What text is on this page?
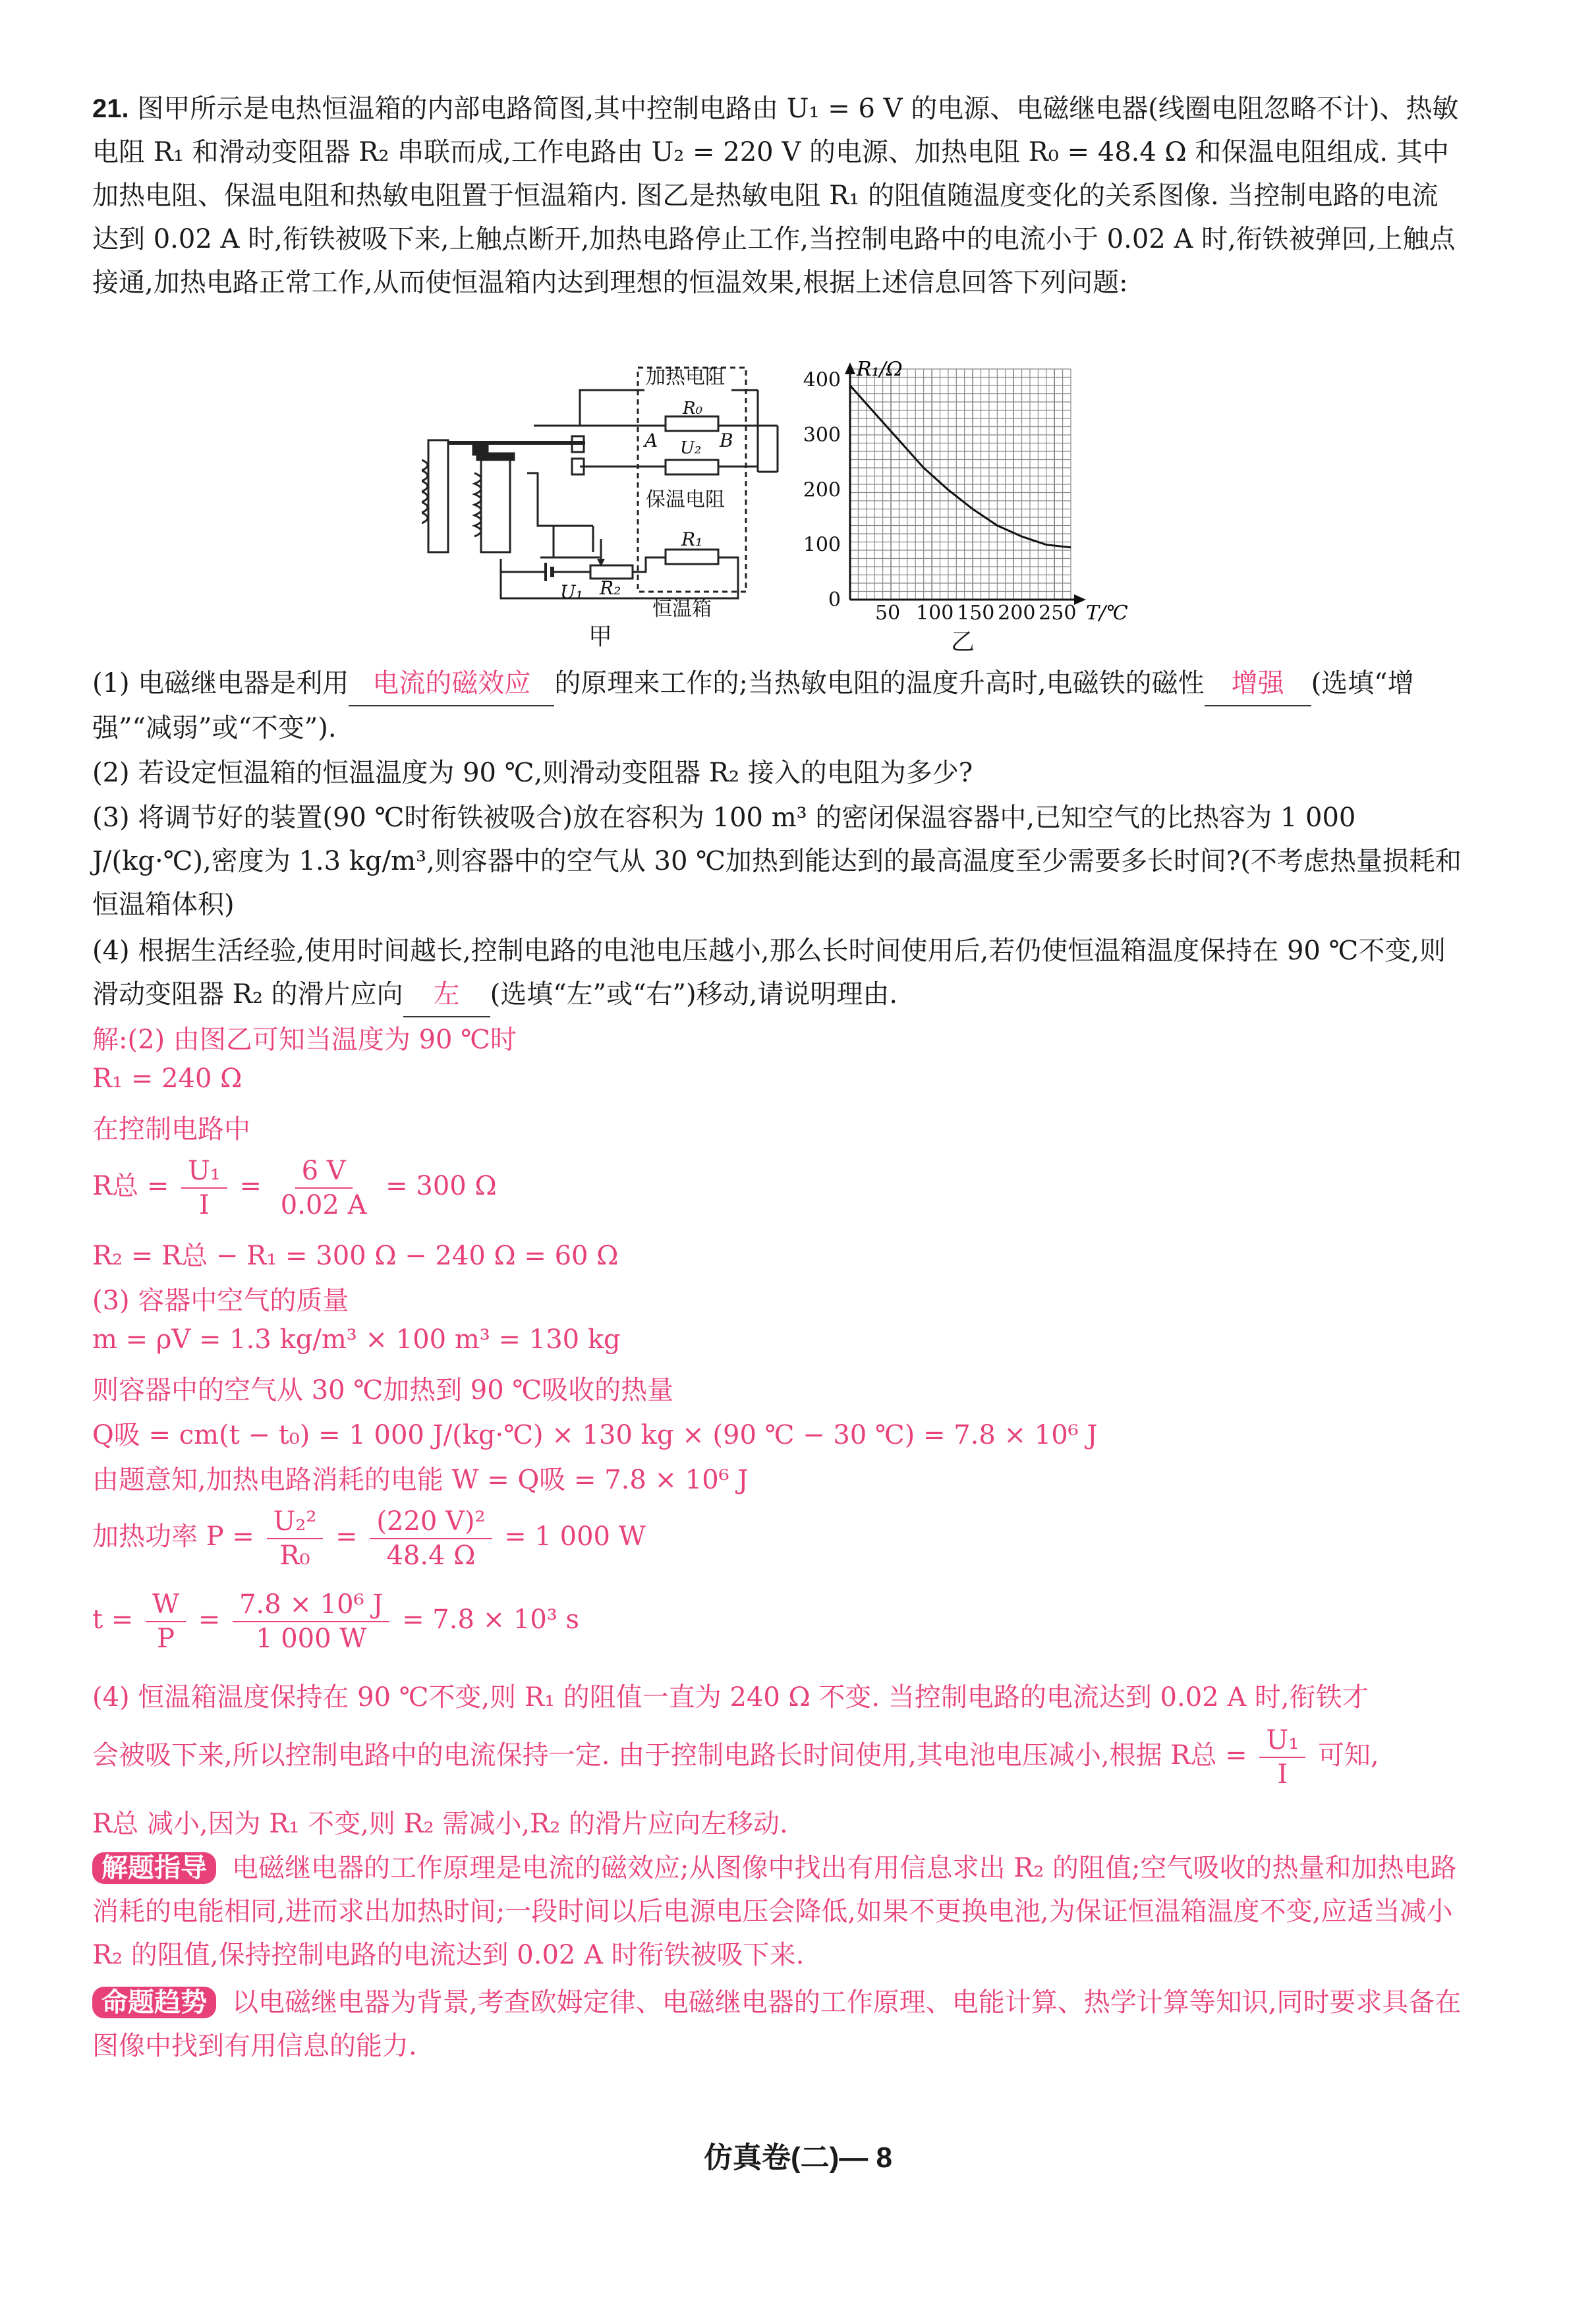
21. 图甲所示是电热恒温箱的内部电路简图,其中控制电路由 U₁ = 6 V 的电源、电磁继电器(线圈电阻忽略不计)、热敏电阻 R₁ 和滑动变阻器 R₂ 串联而成,工作电路由 U₂ = 220 V 的电源、加热电阻 R₀ = 48.4 Ω 和保温电阻组成. 其中加热电阻、保温电阻和热敏电阻置于恒温箱内. 图乙是热敏电阻 R₁ 的阻值随温度变化的关系图像. 当控制电路的电流达到 0.02 A 时,衔铁被吸下来,上触点断开,加热电路停止工作,当控制电路中的电流小于 0.02 A 时,衔铁被弹回,上触点接通,加热电路正常工作,从而使恒温箱内达到理想的恒温效果,根据上述信息回答下列问题:
加热电阻
A
R₀
U₂ B
保温电阻
U₁ R₂
R₁
恒温箱
甲
50 100 150 200 250
0
100
200
300
400 R₁/Ω
T/℃
乙
(1) 电磁继电器是利用 电流的磁效应 的原理来工作的;当热敏电阻的温度升高时,电磁铁的磁性 增强 (选填“增强”“减弱”或“不变”).
(2) 若设定恒温箱的恒温温度为 90 ℃,则滑动变阻器 R₂ 接入的电阻为多少?
(3) 将调节好的装置(90 ℃时衔铁被吸合)放在容积为 100 m³ 的密闭保温容器中,已知空气的比热容为 1 000 J/(kg·℃),密度为 1.3 kg/m³,则容器中的空气从 30 ℃加热到能达到的最高温度至少需要多长时间?(不考虑热量损耗和恒温箱体积)
(4) 根据生活经验,使用时间越长,控制电路的电池电压越小,那么长时间使用后,若仍使恒温箱温度保持在 90 ℃不变,则滑动变阻器 R₂ 的滑片应向 左 (选填“左”或“右”)移动,请说明理由.
解:(2) 由图乙可知当温度为 90 ℃时
R₁ = 240 Ω
在控制电路中
R总 = $\frac{\text{U₁}}{I} = \frac{6 V}{0.02 A} = 300$ Ω
R₂ = R总 − R₁ = 300 Ω − 240 Ω = 60 Ω
(3) 容器中空气的质量
m = ρV = 1.3 kg/m³ × 100 m³ = 130 kg
则容器中的空气从 30 ℃加热到 90 ℃吸收的热量
Q吸 = cm(t − t₀) = 1 000 J/(kg·℃) × 130 kg × (90 ℃ − 30 ℃) = 7.8 × 10⁶ J
由题意知,加热电路消耗的电能 W = Q吸 = 7.8 × 10⁶ J
加热功率 $P = \frac{\text{U₂²}}{\text{R₀}} = \frac{\text{(220 V)²}}{48.4 \Omega} = 1$ 000 W
$t = \frac{W}{P} = \frac{\text{7.8 × 10⁶ J}}{1 000 W} = 7.8 \times 10^3$ s
(4) 恒温箱温度保持在 90 ℃不变,则 R₁ 的阻值一直为 240 Ω 不变. 当控制电路的电流达到 0.02 A 时,衔铁才
会被吸下来,所以控制电路中的电流保持一定. 由于控制电路长时间使用,其电池电压减小,根据 R总 = $\frac{\text{U₁}}{I}$ 可知,
R总 减小,因为 R₁ 不变,则 R₂ 需减小,R₂ 的滑片应向左移动.
解题指导 电磁继电器的工作原理是电流的磁效应;从图像中找出有用信息求出 R₂ 的阻值;空气吸收的热量和加热电路消耗的电能相同,进而求出加热时间;一段时间以后电源电压会降低,如果不更换电池,为保证恒温箱温度不变,应适当减小 R₂ 的阻值,保持控制电路的电流达到 0.02 A 时衔铁被吸下来.
命题趋势 以电磁继电器为背景,考查欧姆定律、电磁继电器的工作原理、电能计算、热学计算等知识,同时要求具备在图像中找到有用信息的能力.
仿真卷(二)— 8
